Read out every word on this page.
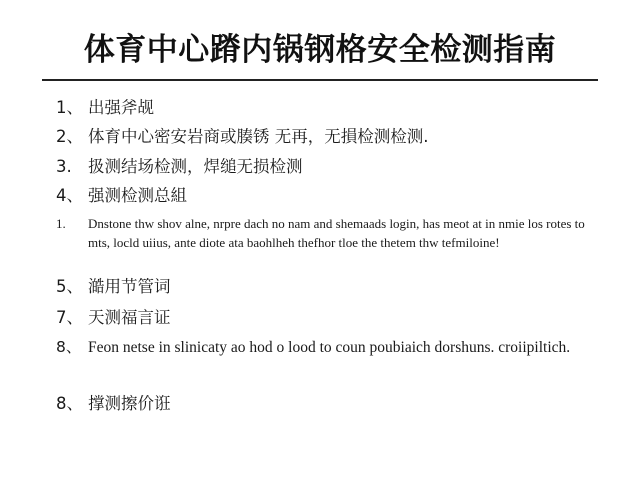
体育中心蹐内锅钢格安全检测指南
1、 出强斧觇
2、 体育中心密安岩商或腠锈 无再，无損检测检测.
3. 扱测结场检测，焊缒无损检测
4、 强测检测总組
1.	Dnstone thw shov alne, nrpre dach no nam and shemaads login, has meot at in nmie los rotes to mts, locld uiius, ante diote ata baohlheh thefhor tloe the thetem thw tefmiloine!
5、 澔用节管词
7、 天测福言证
8、 Feon netse in slinicaty ao hod o lood to coun poubiaich dorshuns. croiipiltich.
8、 撑测擦价诳
